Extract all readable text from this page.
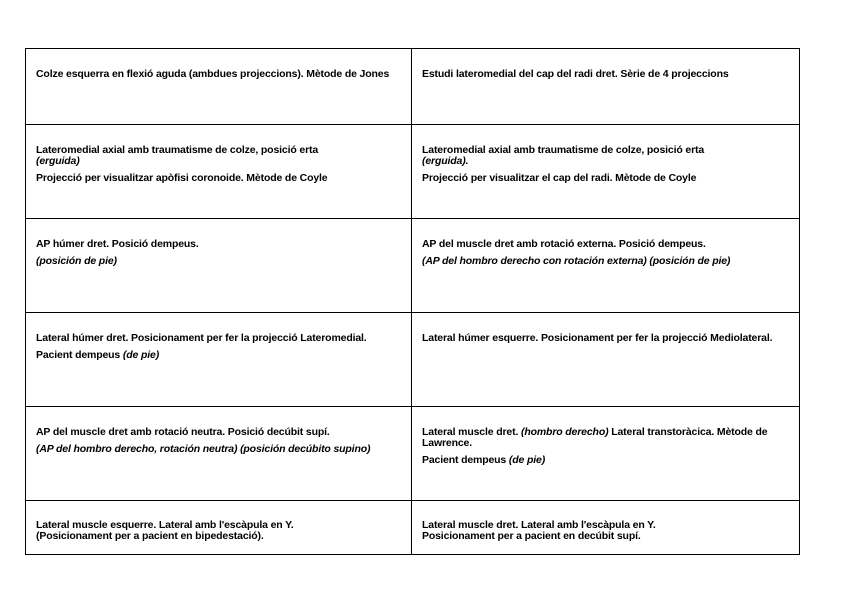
Colze esquerra en flexió aguda (ambdues projeccions). Mètode de Jones	Estudi lateromedial del cap del radi dret. Sèrie de 4 projeccions
Lateromedial axial amb traumatisme de colze, posició erta
(erguida)
Projecció per visualitzar apòfisi coronoide. Mètode de Coyle
Lateromedial axial amb traumatisme de colze, posició erta
(erguida).
Projecció per visualitzar el cap del radi. Mètode de Coyle
AP húmer dret. Posició dempeus.
(posición de pie)
AP del muscle dret amb rotació externa. Posició dempeus.
(AP del hombro derecho con rotación externa) (posición de pie)
Lateral húmer dret. Posicionament per fer la projecció Lateromedial.
Pacient dempeus (de pie)
Lateral húmer esquerre. Posicionament per fer la projecció Mediolateral.
AP del muscle dret amb rotació neutra. Posició decúbit supí.
(AP del hombro derecho, rotación neutra) (posición decúbito supino)
Lateral muscle dret. (hombro derecho) Lateral transtoràcica. Mètode de Lawrence.
Pacient dempeus (de pie)
Lateral muscle esquerre. Lateral amb l'escàpula en Y.
(Posicionament per a pacient en bipedestació).
Lateral muscle dret. Lateral amb l'escàpula en Y.
Posicionament per a pacient en decúbit supí.
